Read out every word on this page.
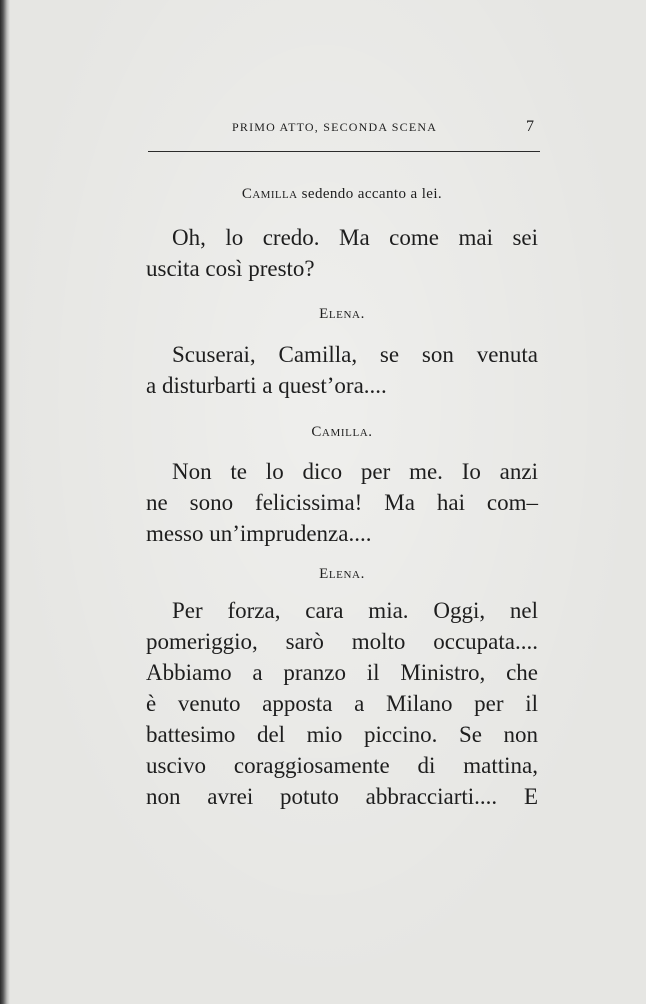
PRIMO ATTO, SECONDA SCENA	7
Camilla sedendo accanto a lei.
Oh, lo credo. Ma come mai sei
uscita così presto?
Elena.
Scuserai, Camilla, se son venuta
a disturbarti a quest’ora....
Camilla.
Non te lo dico per me. Io anzi
ne sono felicissima! Ma hai com–
messo un’imprudenza....
Elena.
Per forza, cara mia. Oggi, nel
pomeriggio, sarò molto occupata....
Abbiamo a pranzo il Ministro, che
è venuto apposta a Milano per il
battesimo del mio piccino. Se non
uscivo coraggiosamente di mattina,
non avrei potuto abbracciarti.... E
